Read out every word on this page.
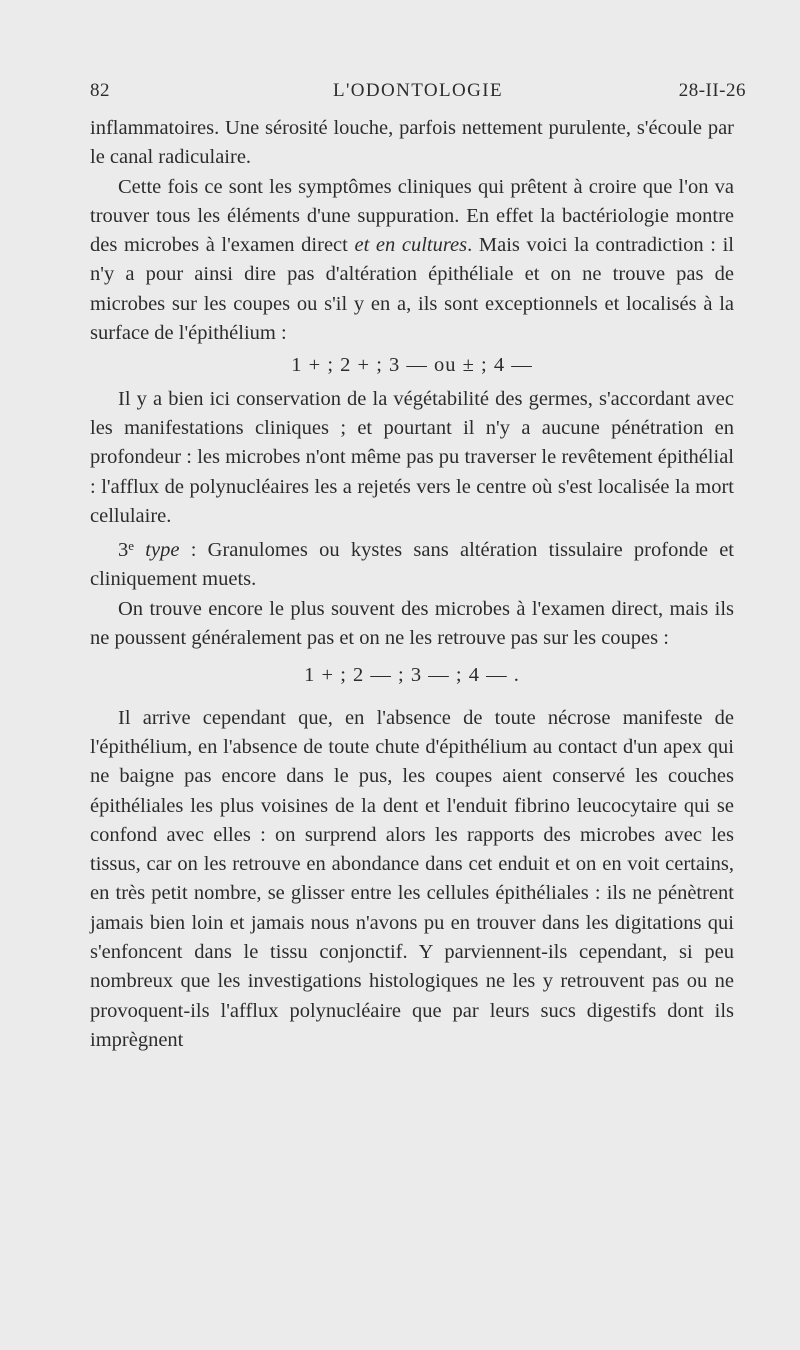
82	L'ODONTOLOGIE	28-II-26

inflammatoires. Une sérosité louche, parfois nettement purulente, s'écoule par le canal radiculaire.

Cette fois ce sont les symptômes cliniques qui prêtent à croire que l'on va trouver tous les éléments d'une suppuration. En effet la bactériologie montre des microbes à l'examen direct et en cultures. Mais voici la contradiction : il n'y a pour ainsi dire pas d'altération épithéliale et on ne trouve pas de microbes sur les coupes ou s'il y en a, ils sont exceptionnels et localisés à la surface de l'épithélium :

1 + ; 2 + ; 3 — ou ± ; 4 —

Il y a bien ici conservation de la végétabilité des germes, s'accordant avec les manifestations cliniques ; et pourtant il n'y a aucune pénétration en profondeur : les microbes n'ont même pas pu traverser le revêtement épithélial : l'afflux de polynucléaires les a rejetés vers le centre où s'est localisée la mort cellulaire.

3e type : Granulomes ou kystes sans altération tissulaire profonde et cliniquement muets.

On trouve encore le plus souvent des microbes à l'examen direct, mais ils ne poussent généralement pas et on ne les retrouve pas sur les coupes :

1 + ; 2 — ; 3 — ; 4 — .

Il arrive cependant que, en l'absence de toute nécrose manifeste de l'épithélium, en l'absence de toute chute d'épithélium au contact d'un apex qui ne baigne pas encore dans le pus, les coupes aient conservé les couches épithéliales les plus voisines de la dent et l'enduit fibrino leucocytaire qui se confond avec elles : on surprend alors les rapports des microbes avec les tissus, car on les retrouve en abondance dans cet enduit et on en voit certains, en très petit nombre, se glisser entre les cellules épithéliales : ils ne pénètrent jamais bien loin et jamais nous n'avons pu en trouver dans les digitations qui s'enfoncent dans le tissu conjonctif. Y parviennent-ils cependant, si peu nombreux que les investigations histologiques ne les y retrouvent pas ou ne provoquent-ils l'afflux polynucléaire que par leurs sucs digestifs dont ils imprègnent
